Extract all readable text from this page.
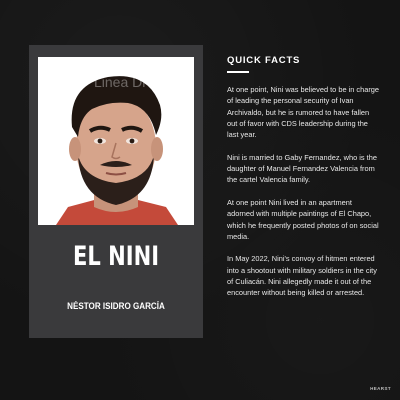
Linea Di
EL NINI
NÉSTOR ISIDRO GARCÍA
QUICK FACTS

At one point, Nini was believed to be in charge of leading the personal security of Ivan Archivaldo, but he is rumored to have fallen out of favor with CDS leadership during the last year.

Nini is married to Gaby Fernandez, who is the daughter of Manuel Fernandez Valencia from the cartel Valencia family.

At one point Nini lived in an apartment adorned with multiple paintings of El Chapo, which he frequently posted photos of on social media.

In May 2022, Nini's convoy of hitmen entered into a shootout with military soldiers in the city of Culiacán. Nini allegedly made it out of the encounter without being killed or arrested.

HEARST
